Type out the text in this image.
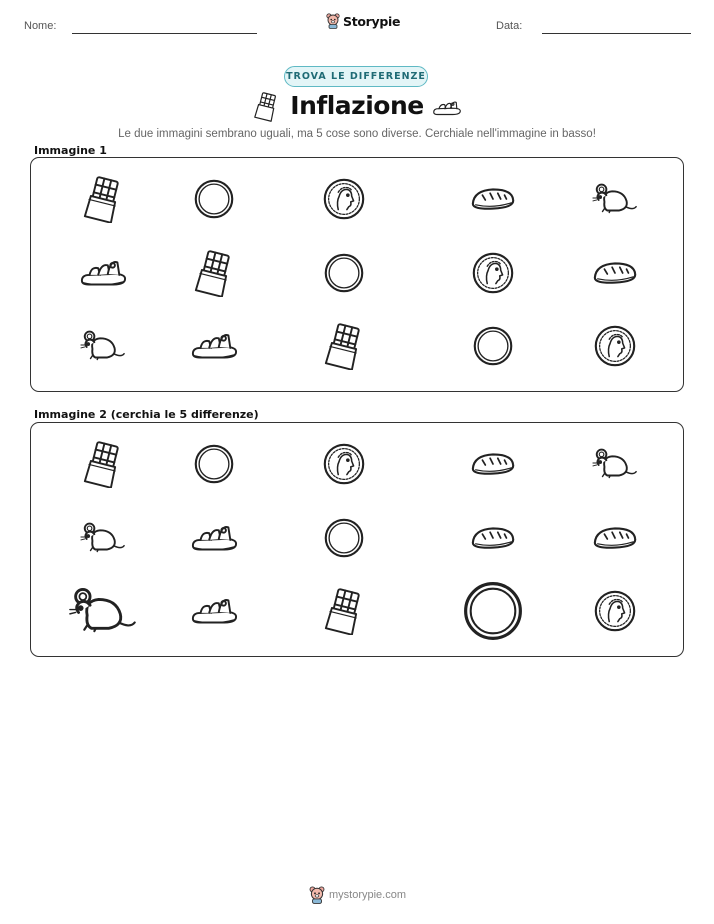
Nome:	Storypie	Data:
TROVA LE DIFFERENZE
Inflazione
Le due immagini sembrano uguali, ma 5 cose sono diverse. Cerchiale nell'immagine in basso!
Immagine 1
Immagine 2 (cerchia le 5 differenze)
mystorypie.com
